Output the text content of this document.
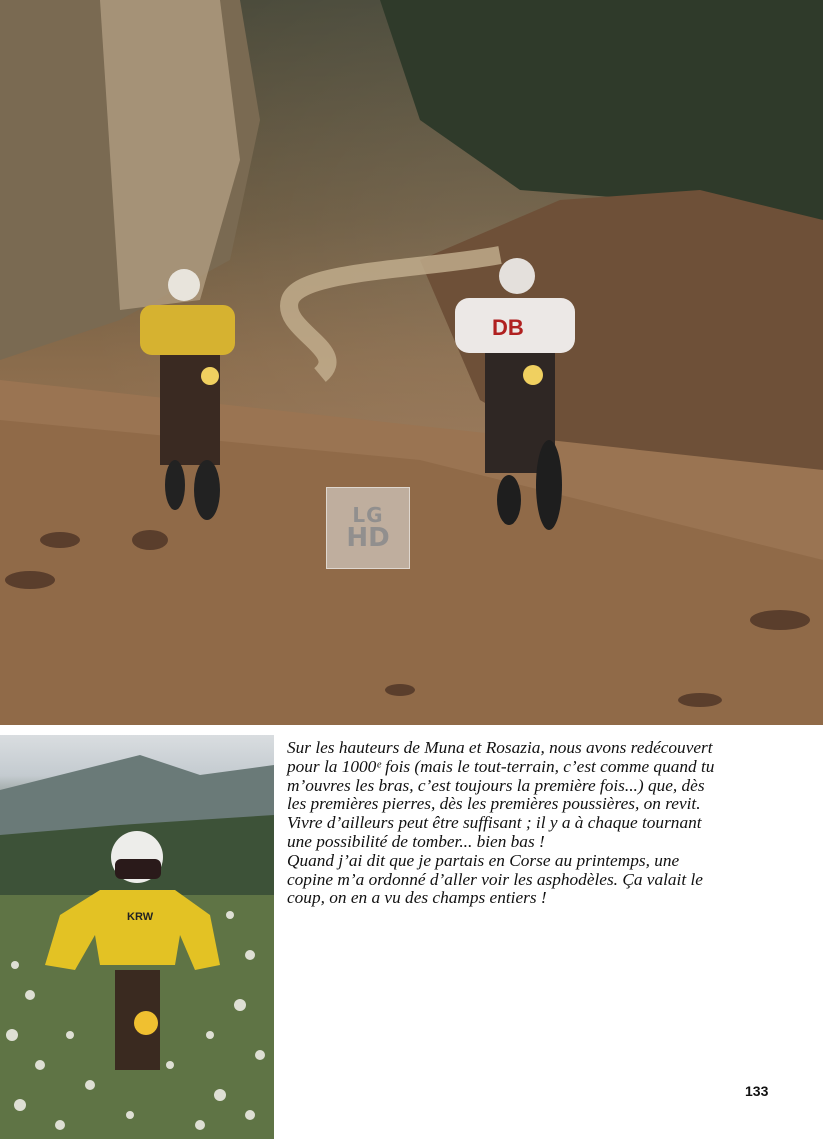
DB
LG
HD
KRW
Sur les hauteurs de Muna et Rosazia, nous avons redécouvert
pour la 1000ᵉ fois (mais le tout-terrain, c’est comme quand tu
m’ouvres les bras, c’est toujours la première fois...) que, dès
les premières pierres, dès les premières poussières, on revit.
Vivre d’ailleurs peut être suffisant ; il y a à chaque tournant
une possibilité de tomber... bien bas !
Quand j’ai dit que je partais en Corse au printemps, une
copine m’a ordonné d’aller voir les asphodèles. Ça valait le
coup, on en a vu des champs entiers !
133
